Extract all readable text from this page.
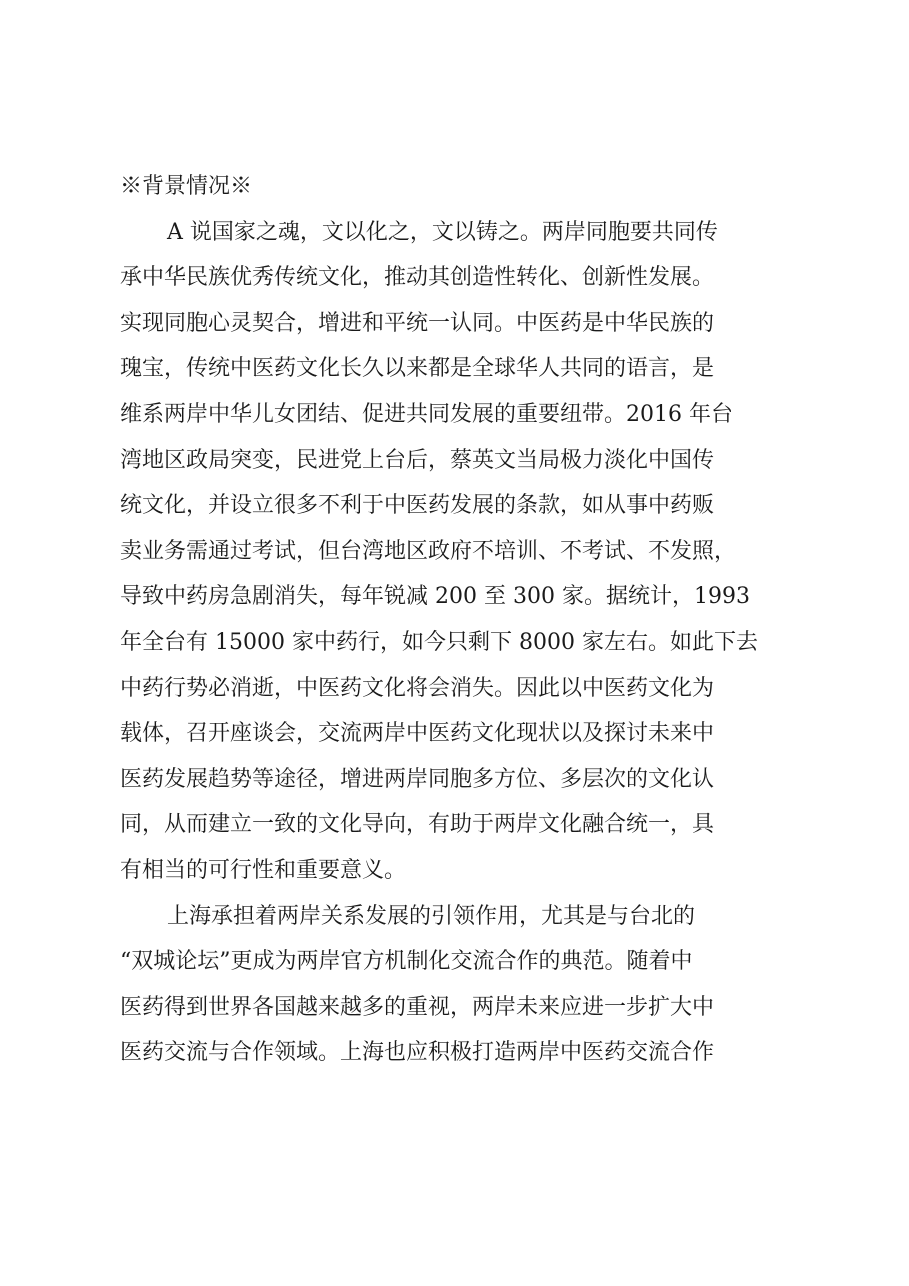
※背景情况※
A 说国家之魂，文以化之，文以铸之。两岸同胞要共同传
承中华民族优秀传统文化，推动其创造性转化、创新性发展。
实现同胞心灵契合，增进和平统一认同。中医药是中华民族的
瑰宝，传统中医药文化长久以来都是全球华人共同的语言，是
维系两岸中华儿女团结、促进共同发展的重要纽带。2016 年台
湾地区政局突变，民进党上台后，蔡英文当局极力淡化中国传
统文化，并设立很多不利于中医药发展的条款，如从事中药贩
卖业务需通过考试，但台湾地区政府不培训、不考试、不发照，
导致中药房急剧消失，每年锐减 200 至 300 家。据统计，1993
年全台有 15000 家中药行，如今只剩下 8000 家左右。如此下去
中药行势必消逝，中医药文化将会消失。因此以中医药文化为
载体，召开座谈会，交流两岸中医药文化现状以及探讨未来中
医药发展趋势等途径，增进两岸同胞多方位、多层次的文化认
同，从而建立一致的文化导向，有助于两岸文化融合统一，具
有相当的可行性和重要意义。
上海承担着两岸关系发展的引领作用，尤其是与台北的
“双城论坛”更成为两岸官方机制化交流合作的典范。随着中
医药得到世界各国越来越多的重视，两岸未来应进一步扩大中
医药交流与合作领域。上海也应积极打造两岸中医药交流合作
